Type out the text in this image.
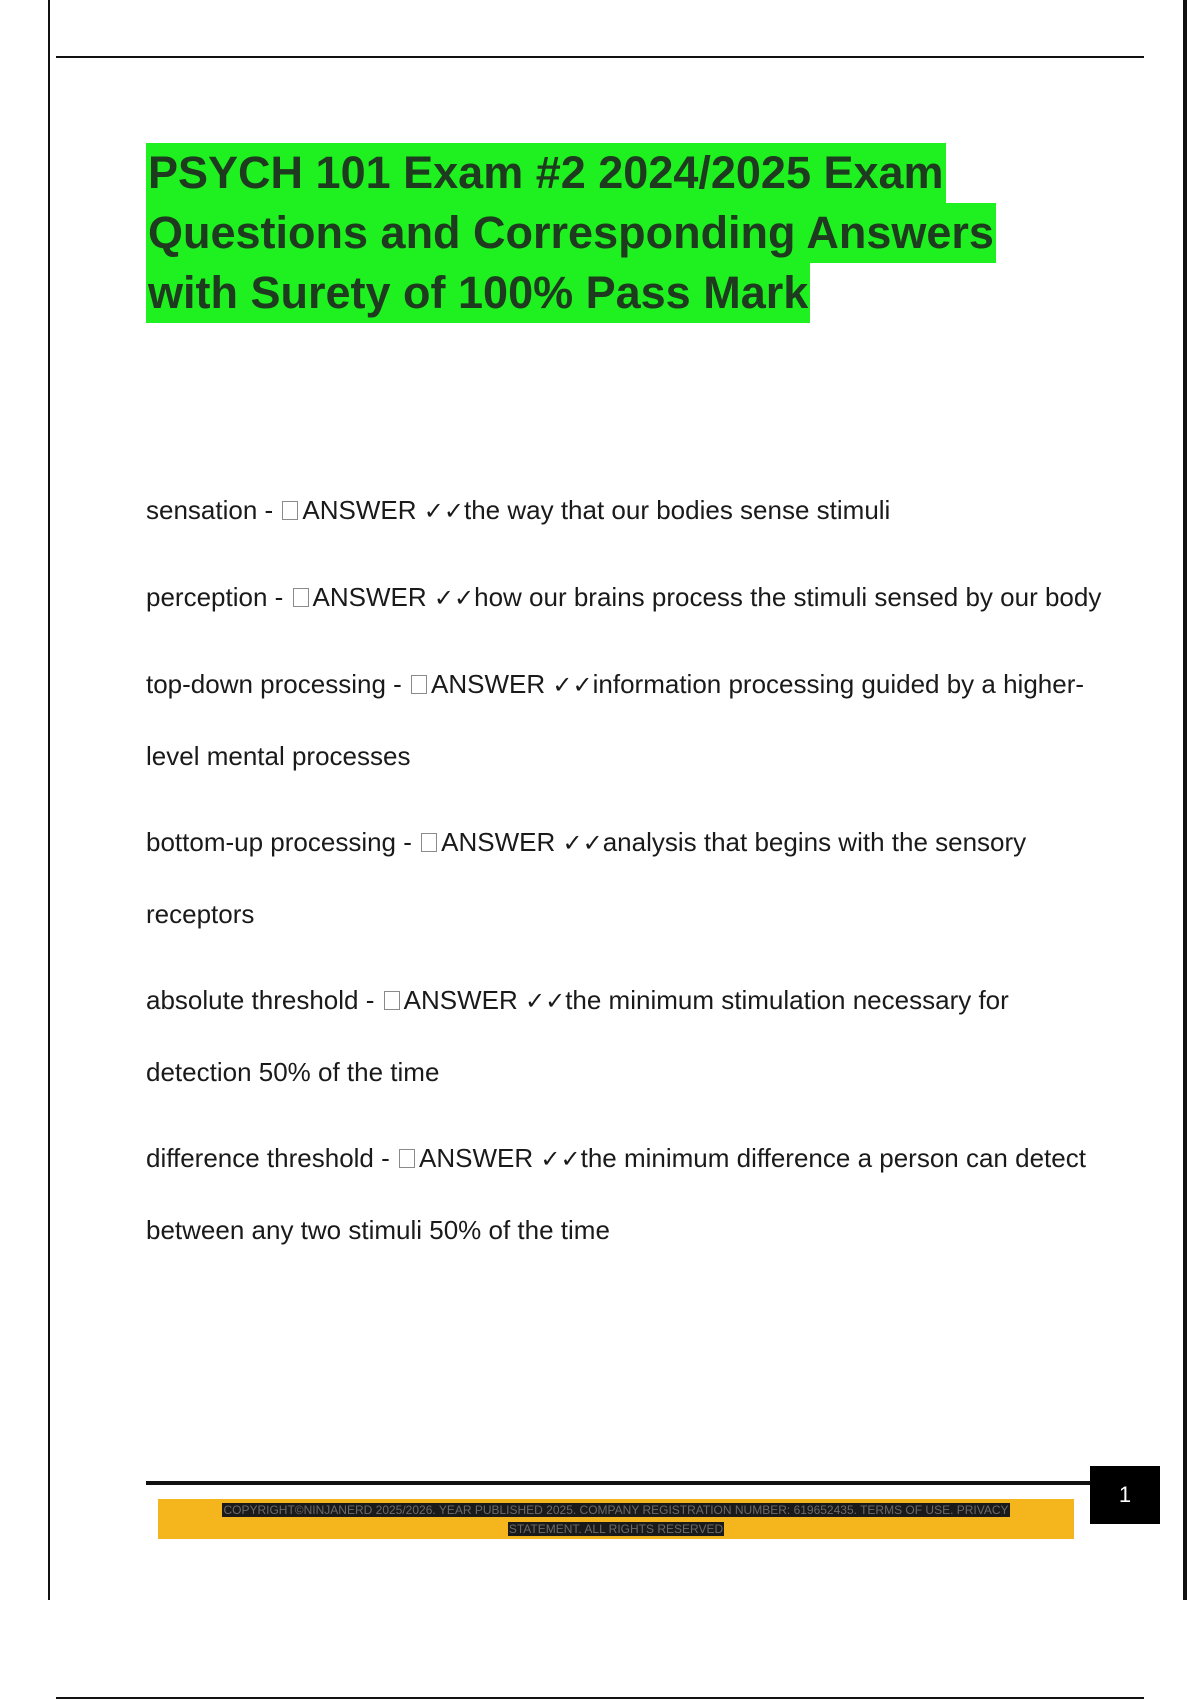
PSYCH 101 Exam #2 2024/2025 Exam
Questions and Corresponding Answers
with Surety of 100% Pass Mark
sensation - ANSWER ✓✓the way that our bodies sense stimuli
perception - ANSWER ✓✓how our brains process the stimuli sensed by our body
top-down processing - ANSWER ✓✓information processing guided by a higher-level mental processes
bottom-up processing - ANSWER ✓✓analysis that begins with the sensory receptors
absolute threshold - ANSWER ✓✓the minimum stimulation necessary for detection 50% of the time
difference threshold - ANSWER ✓✓the minimum difference a person can detect between any two stimuli 50% of the time
1

COPYRIGHT©NINJANERD 2025/2026. YEAR PUBLISHED 2025. COMPANY REGISTRATION NUMBER: 619652435. TERMS OF USE. PRIVACY
STATEMENT. ALL RIGHTS RESERVED
